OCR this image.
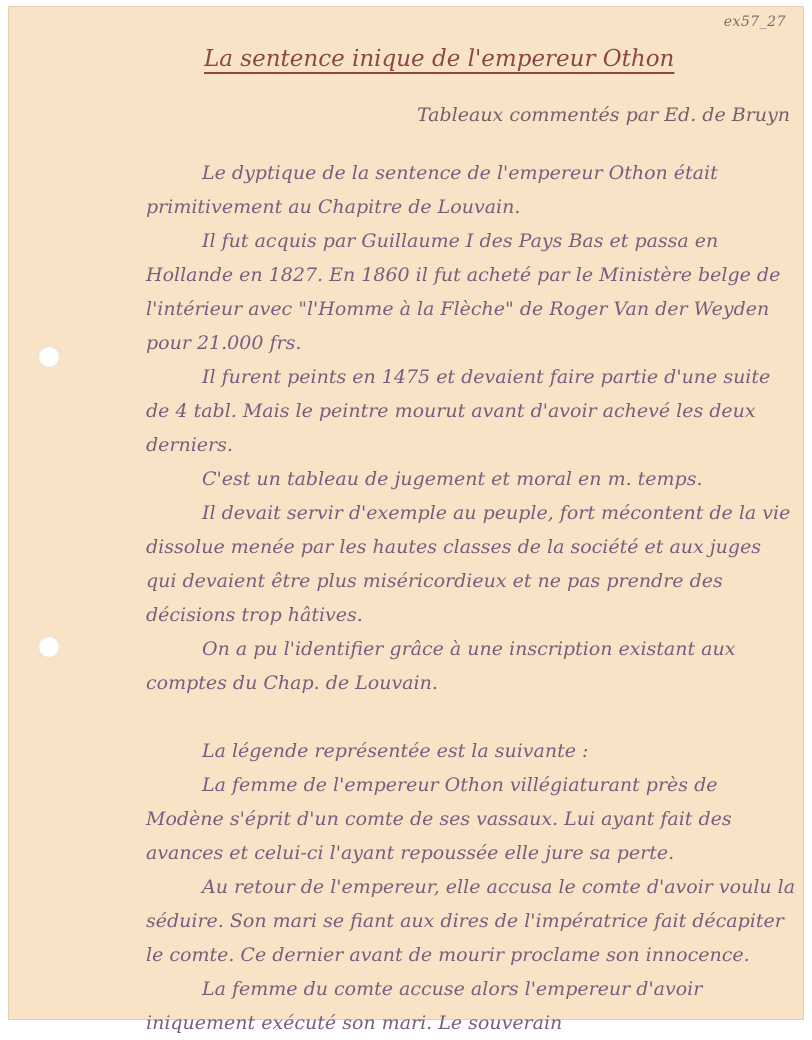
ex57_27
La sentence inique de l'empereur Othon
Tableaux commentés par Ed. de Bruyn

Le dyptique de la sentence de l'empereur Othon était primitivement au Chapitre de Louvain.

Il fut acquis par Guillaume I des Pays Bas et passa en Hollande en 1827. En 1860 il fut acheté par le Ministère belge de l'intérieur avec "l'Homme à la Flèche" de Roger Van der Weyden pour 21.000 frs.

Il furent peints en 1475 et devaient faire partie d'une suite de 4 tabl. Mais le peintre mourut avant d'avoir achevé les deux derniers.

C'est un tableau de jugement et moral en m. temps.

Il devait servir d'exemple au peuple, fort mécontent de la vie dissolue menée par les hautes classes de la société et aux juges qui devaient être plus miséricordieux et ne pas prendre des décisions trop hâtives.

On a pu l'identifier grâce à une inscription existant aux comptes du Chap. de Louvain.

La légende représentée est la suivante :

La femme de l'empereur Othon villégiaturant près de Modène s'éprit d'un comte de ses vassaux. Lui ayant fait des avances et celui-ci l'ayant repoussée elle jure sa perte.

Au retour de l'empereur, elle accusa le comte d'avoir voulu la séduire. Son mari se fiant aux dires de l'impératrice fait décapiter le comte. Ce dernier avant de mourir proclame son innocence.

La femme du comte accuse alors l'empereur d'avoir iniquement exécuté son mari. Le souverain
